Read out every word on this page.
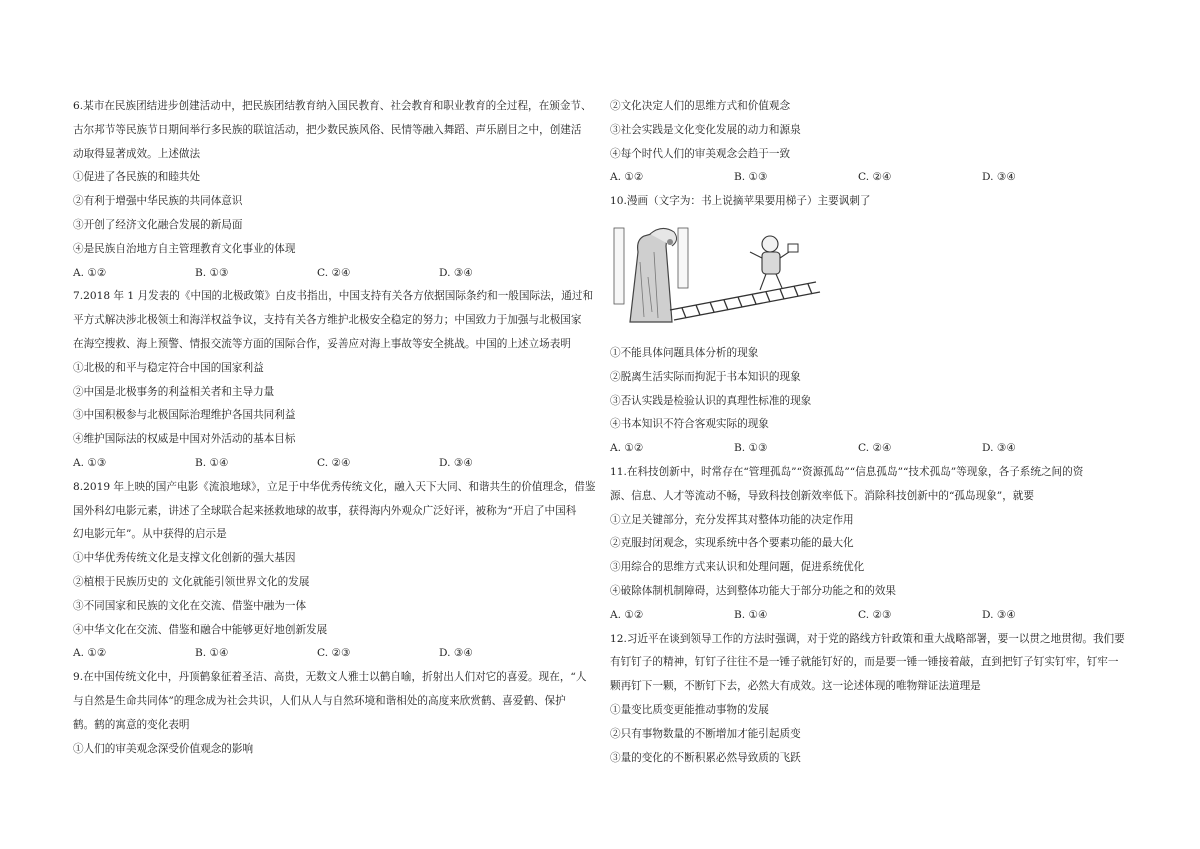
6.某市在民族团结进步创建活动中，把民族团结教育纳入国民教育、社会教育和职业教育的全过程，在颁金节、

古尔邦节等民族节日期间举行多民族的联谊活动，把少数民族风俗、民情等融入舞蹈、声乐剧目之中，创建活

动取得显著成效。上述做法

①促进了各民族的和睦共处

②有利于增强中华民族的共同体意识

③开创了经济文化融合发展的新局面

④是民族自治地方自主管理教育文化事业的体现

A. ①②	B. ①③	C. ②④	D. ③④

7.2018 年 1 月发表的《中国的北极政策》白皮书指出，中国支持有关各方依据国际条约和一般国际法，通过和

平方式解决涉北极领土和海洋权益争议，支持有关各方维护北极安全稳定的努力；中国致力于加强与北极国家

在海空搜救、海上预警、情报交流等方面的国际合作，妥善应对海上事故等安全挑战。中国的上述立场表明

①北极的和平与稳定符合中国的国家利益

②中国是北极事务的利益相关者和主导力量

③中国积极参与北极国际治理维护各国共同利益

④维护国际法的权威是中国对外活动的基本目标

A. ①③	B. ①④	C. ②④	D. ③④

8.2019 年上映的国产电影《流浪地球》，立足于中华优秀传统文化，融入天下大同、和谐共生的价值理念，借鉴

国外科幻电影元素，讲述了全球联合起来拯救地球的故事，获得海内外观众广泛好评，被称为“开启了中国科

幻电影元年”。从中获得的启示是

①中华优秀传统文化是支撑文化创新的强大基因

②植根于民族历史的 文化就能引领世界文化的发展

③不同国家和民族的文化在交流、借鉴中融为一体

④中华文化在交流、借鉴和融合中能够更好地创新发展

A. ①②	B. ①④	C. ②③	D. ③④

9.在中国传统文化中，丹顶鹤象征着圣洁、高贵，无数文人雅士以鹤自喻，折射出人们对它的喜爱。现在，“人

与自然是生命共同体”的理念成为社会共识，人们从人与自然环境和谐相处的高度来欣赏鹤、喜爱鹤、保护

鹤。鹤的寓意的变化表明

①人们的审美观念深受价值观念的影响

②文化决定人们的思维方式和价值观念

③社会实践是文化变化发展的动力和源泉

④每个时代人们的审美观念会趋于一致

A. ①②	B. ①③	C. ②④	D. ③④

10.漫画（文字为：书上说摘苹果要用梯子）主要讽刺了

①不能具体问题具体分析的现象

②脱离生活实际而拘泥于书本知识的现象

③否认实践是检验认识的真理性标准的现象

④书本知识不符合客观实际的现象

A. ①②	B. ①③	C. ②④	D. ③④

11.在科技创新中，时常存在“管理孤岛”“资源孤岛”“信息孤岛”“技术孤岛”等现象，各子系统之间的资

源、信息、人才等流动不畅，导致科技创新效率低下。消除科技创新中的“孤岛现象”，就要

①立足关键部分，充分发挥其对整体功能的决定作用

②克服封闭观念，实现系统中各个要素功能的最大化

③用综合的思维方式来认识和处理问题，促进系统优化

④破除体制机制障碍，达到整体功能大于部分功能之和的效果

A. ①②	B. ①④	C. ②③	D. ③④

12.习近平在谈到领导工作的方法时强调，对于党的路线方针政策和重大战略部署，要一以贯之地贯彻。我们要

有钉钉子的精神，钉钉子往往不是一锤子就能钉好的，而是要一锤一锤接着敲，直到把钉子钉实钉牢，钉牢一

颗再钉下一颗，不断钉下去，必然大有成效。这一论述体现的唯物辩证法道理是

①量变比质变更能推动事物的发展

②只有事物数量的不断增加才能引起质变

③量的变化的不断积累必然导致质的飞跃
